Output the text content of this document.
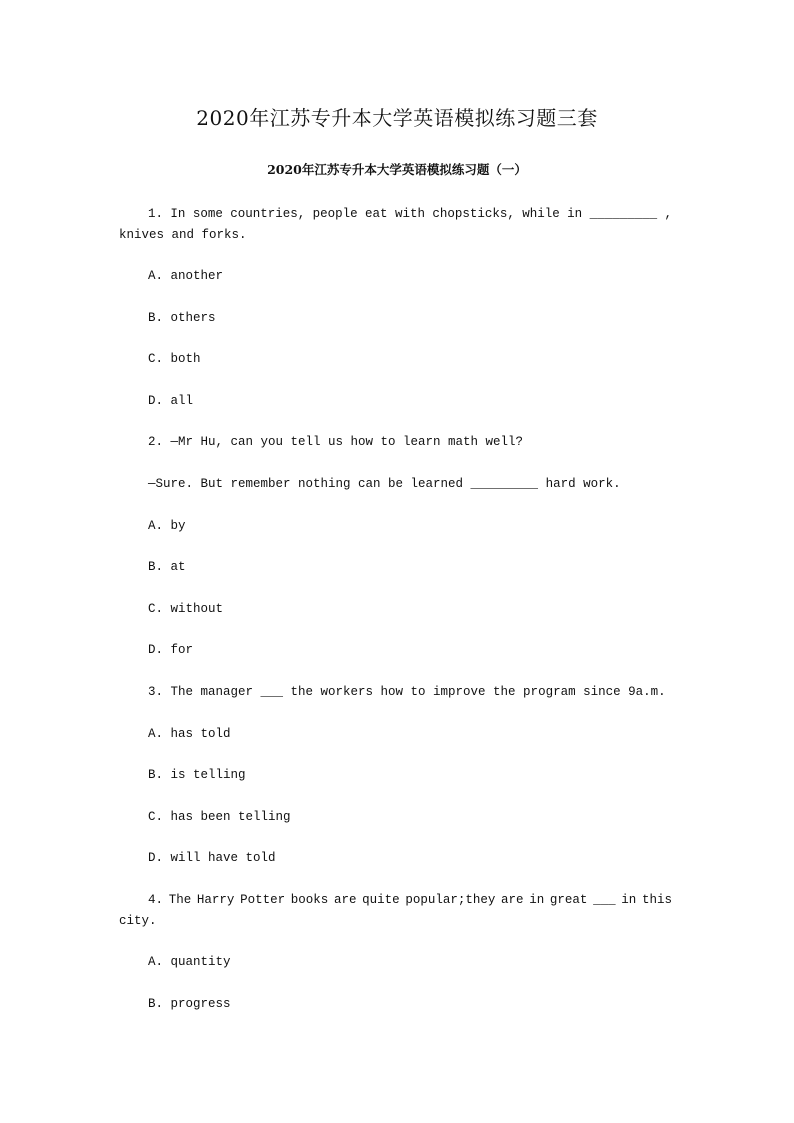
2020年江苏专升本大学英语模拟练习题三套
2020年江苏专升本大学英语模拟练习题（一）
1. In some countries, people eat with chopsticks, while in _________ ,
knives and forks.
A. another
B. others
C. both
D. all
2. —Mr Hu, can you tell us how to learn math well?
—Sure. But remember nothing can be learned _________ hard work.
A. by
B. at
C. without
D. for
3. The manager ___ the workers how to improve the program since 9a.m.
A. has told
B. is telling
C. has been telling
D. will have told
4. The Harry Potter books are quite popular;they are in great ___ in this
city.
A. quantity
B. progress
